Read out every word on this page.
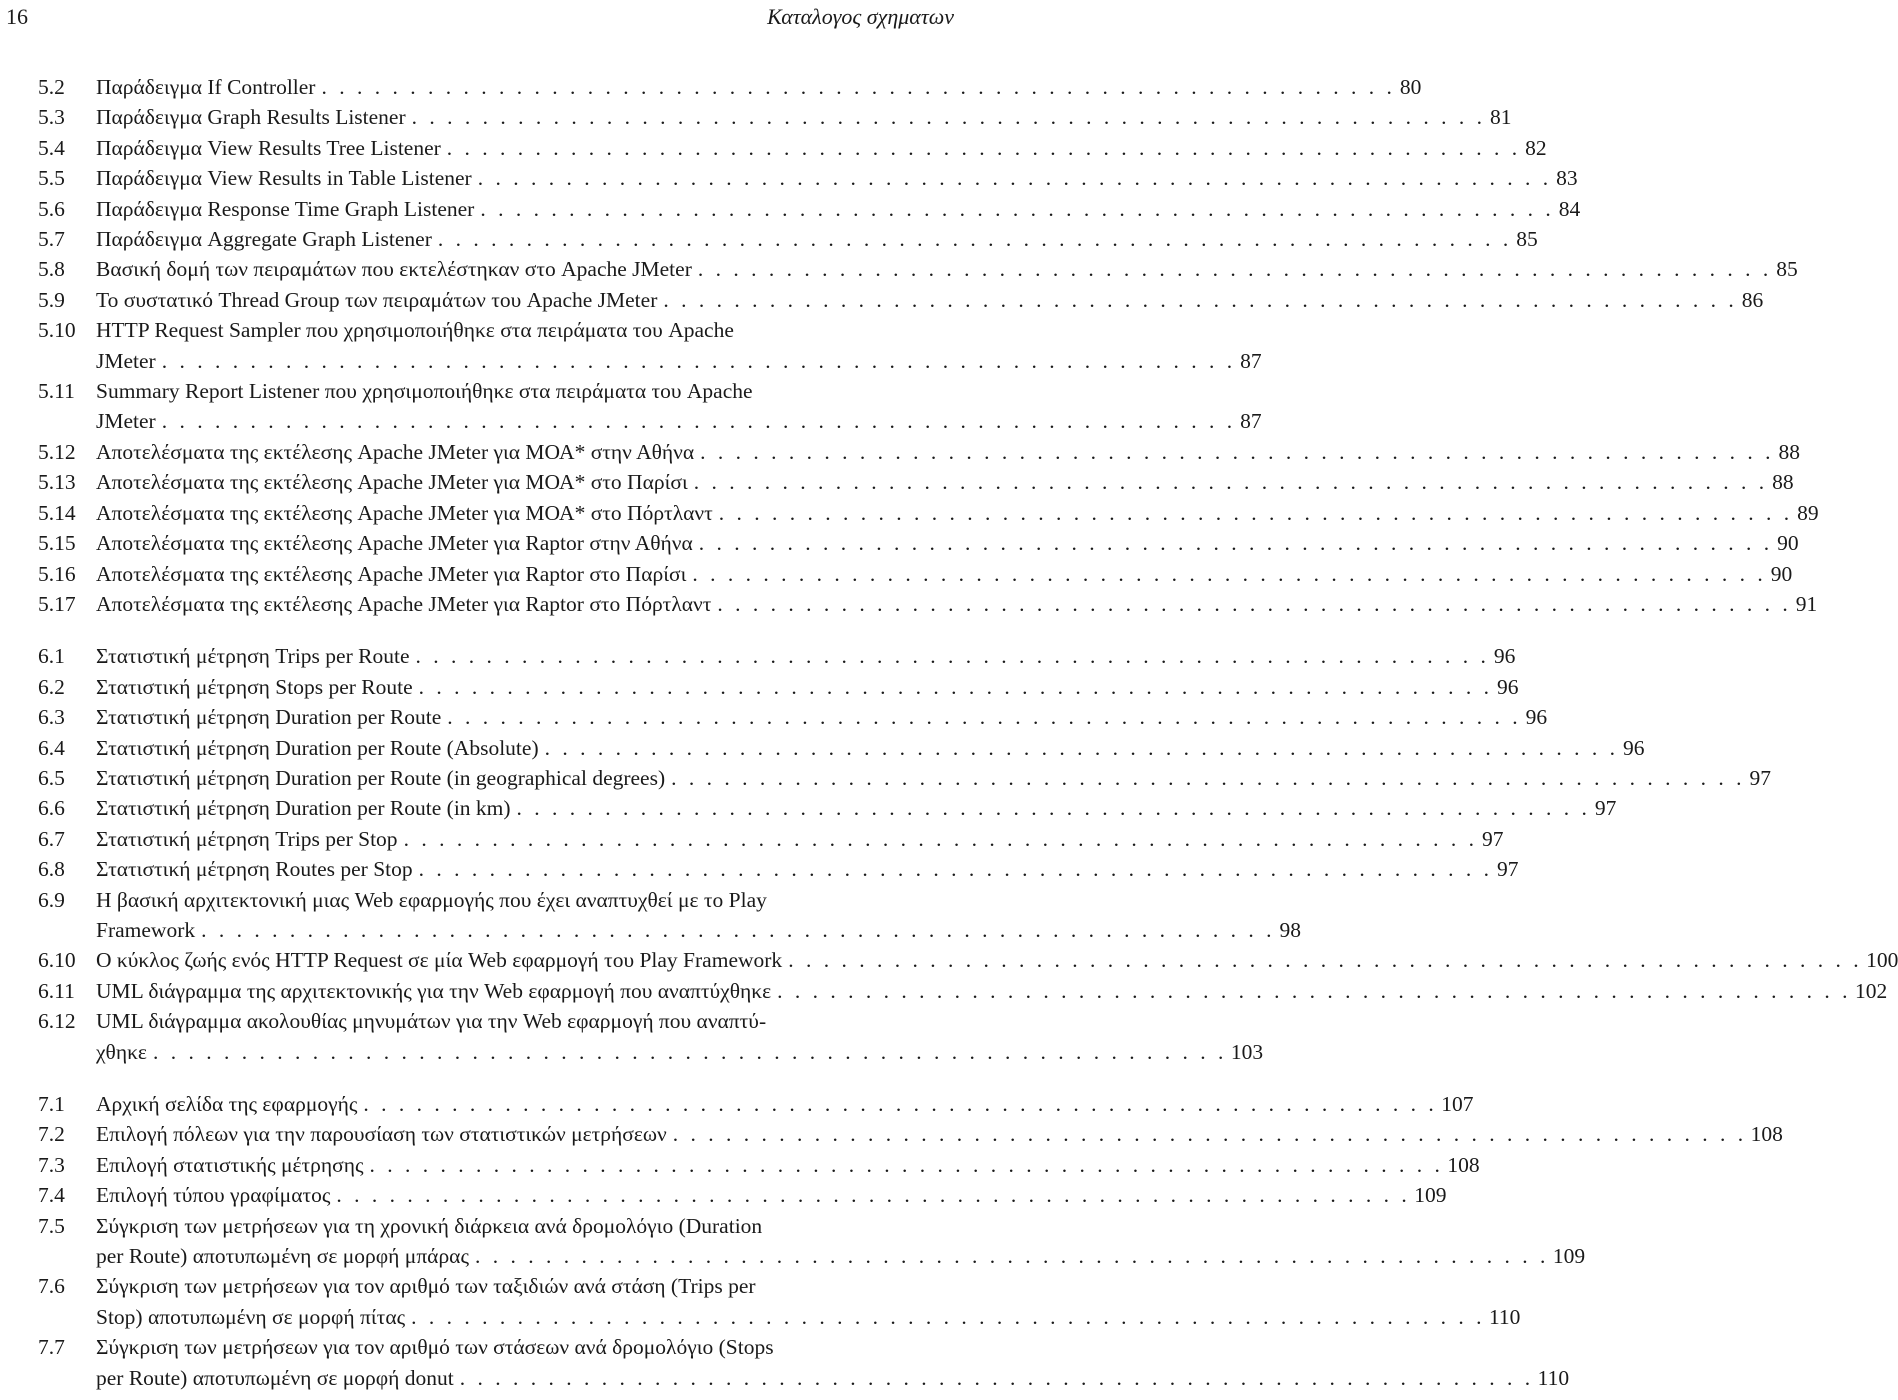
16	Καταλογος σχηματων
5.2 Παράδειγμα If Controller . . . . . . . . . . . . . . . . . . . . . . . . . . . . . . . . . . . . . . . . . . . . . . . . . . . . . . . . . . . . . 80
5.3 Παράδειγμα Graph Results Listener . . . . . . . . . . . . . . . . . . . . . . . . . . . . . . . . . . . . . . . . . . . . . . . . . . . . . . . . . . . . . 81
5.4 Παράδειγμα View Results Tree Listener . . . . . . . . . . . . . . . . . . . . . . . . . . . . . . . . . . . . . . . . . . . . . . . . . . . . . . . . . . . . . 82
5.5 Παράδειγμα View Results in Table Listener . . . . . . . . . . . . . . . . . . . . . . . . . . . . . . . . . . . . . . . . . . . . . . . . . . . . . . . . . . . . . 83
5.6 Παράδειγμα Response Time Graph Listener . . . . . . . . . . . . . . . . . . . . . . . . . . . . . . . . . . . . . . . . . . . . . . . . . . . . . . . . . . . . . 84
5.7 Παράδειγμα Aggregate Graph Listener . . . . . . . . . . . . . . . . . . . . . . . . . . . . . . . . . . . . . . . . . . . . . . . . . . . . . . . . . . . . . 85
5.8 Βασική δομή των πειραμάτων που εκτελέστηκαν στο Apache JMeter . . . . . . . . . . . . . . . . . . . . . . . . . . . . . . . . . . . . . . . . . . . . . . . . . . . . . . . . . . . . . 85
5.9 Το συστατικό Thread Group των πειραμάτων του Apache JMeter . . . . . . . . . . . . . . . . . . . . . . . . . . . . . . . . . . . . . . . . . . . . . . . . . . . . . . . . . . . . . 86
5.10 HTTP Request Sampler που χρησιμοποιήθηκε στα πειράματα του Apache
JMeter . . . . . . . . . . . . . . . . . . . . . . . . . . . . . . . . . . . . . . . . . . . . . . . . . . . . . . . . . . . . . 87
5.11 Summary Report Listener που χρησιμοποιήθηκε στα πειράματα του Apache
JMeter . . . . . . . . . . . . . . . . . . . . . . . . . . . . . . . . . . . . . . . . . . . . . . . . . . . . . . . . . . . . . 87
5.12 Αποτελέσματα της εκτέλεσης Apache JMeter για ΜΟΑ* στην Αθήνα . . . . . . . . . . . . . . . . . . . . . . . . . . . . . . . . . . . . . . . . . . . . . . . . . . . . . . . . . . . . . 88
5.13 Αποτελέσματα της εκτέλεσης Apache JMeter για ΜΟΑ* στο Παρίσι . . . . . . . . . . . . . . . . . . . . . . . . . . . . . . . . . . . . . . . . . . . . . . . . . . . . . . . . . . . . . 88
5.14 Αποτελέσματα της εκτέλεσης Apache JMeter για ΜΟΑ* στο Πόρτλαντ . . . . . . . . . . . . . . . . . . . . . . . . . . . . . . . . . . . . . . . . . . . . . . . . . . . . . . . . . . . . . 89
5.15 Αποτελέσματα της εκτέλεσης Apache JMeter για Raptor στην Αθήνα . . . . . . . . . . . . . . . . . . . . . . . . . . . . . . . . . . . . . . . . . . . . . . . . . . . . . . . . . . . . . 90
5.16 Αποτελέσματα της εκτέλεσης Apache JMeter για Raptor στο Παρίσι . . . . . . . . . . . . . . . . . . . . . . . . . . . . . . . . . . . . . . . . . . . . . . . . . . . . . . . . . . . . . 90
5.17 Αποτελέσματα της εκτέλεσης Apache JMeter για Raptor στο Πόρτλαντ . . . . . . . . . . . . . . . . . . . . . . . . . . . . . . . . . . . . . . . . . . . . . . . . . . . . . . . . . . . . . 91
6.1 Στατιστική μέτρηση Trips per Route . . . . . . . . . . . . . . . . . . . . . . . . . . . . . . . . . . . . . . . . . . . . . . . . . . . . . . . . . . . . . 96
6.2 Στατιστική μέτρηση Stops per Route . . . . . . . . . . . . . . . . . . . . . . . . . . . . . . . . . . . . . . . . . . . . . . . . . . . . . . . . . . . . . 96
6.3 Στατιστική μέτρηση Duration per Route . . . . . . . . . . . . . . . . . . . . . . . . . . . . . . . . . . . . . . . . . . . . . . . . . . . . . . . . . . . . . 96
6.4 Στατιστική μέτρηση Duration per Route (Absolute) . . . . . . . . . . . . . . . . . . . . . . . . . . . . . . . . . . . . . . . . . . . . . . . . . . . . . . . . . . . . . 96
6.5 Στατιστική μέτρηση Duration per Route (in geographical degrees) . . . . . . . . . . . . . . . . . . . . . . . . . . . . . . . . . . . . . . . . . . . . . . . . . . . . . . . . . . . . . 97
6.6 Στατιστική μέτρηση Duration per Route (in km) . . . . . . . . . . . . . . . . . . . . . . . . . . . . . . . . . . . . . . . . . . . . . . . . . . . . . . . . . . . . . 97
6.7 Στατιστική μέτρηση Trips per Stop . . . . . . . . . . . . . . . . . . . . . . . . . . . . . . . . . . . . . . . . . . . . . . . . . . . . . . . . . . . . . 97
6.8 Στατιστική μέτρηση Routes per Stop . . . . . . . . . . . . . . . . . . . . . . . . . . . . . . . . . . . . . . . . . . . . . . . . . . . . . . . . . . . . . 97
6.9 Η βασική αρχιτεκτονική μιας Web εφαρμογής που έχει αναπτυχθεί με το Play
Framework . . . . . . . . . . . . . . . . . . . . . . . . . . . . . . . . . . . . . . . . . . . . . . . . . . . . . . . . . . . . . 98
6.10 Ο κύκλος ζωής ενός HTTP Request σε μία Web εφαρμογή του Play Framework . . . . . . . . . . . . . . . . . . . . . . . . . . . . . . . . . . . . . . . . . . . . . . . . . . . . . . . . . . . . . 100
6.11 UML διάγραμμα της αρχιτεκτονικής για την Web εφαρμογή που αναπτύχθηκε . . . . . . . . . . . . . . . . . . . . . . . . . . . . . . . . . . . . . . . . . . . . . . . . . . . . . . . . . . . . . 102
6.12 UML διάγραμμα ακολουθίας μηνυμάτων για την Web εφαρμογή που αναπτύ-
χθηκε . . . . . . . . . . . . . . . . . . . . . . . . . . . . . . . . . . . . . . . . . . . . . . . . . . . . . . . . . . . . . 103
7.1 Αρχική σελίδα της εφαρμογής . . . . . . . . . . . . . . . . . . . . . . . . . . . . . . . . . . . . . . . . . . . . . . . . . . . . . . . . . . . . . 107
7.2 Επιλογή πόλεων για την παρουσίαση των στατιστικών μετρήσεων . . . . . . . . . . . . . . . . . . . . . . . . . . . . . . . . . . . . . . . . . . . . . . . . . . . . . . . . . . . . . 108
7.3 Επιλογή στατιστικής μέτρησης . . . . . . . . . . . . . . . . . . . . . . . . . . . . . . . . . . . . . . . . . . . . . . . . . . . . . . . . . . . . . 108
7.4 Επιλογή τύπου γραφίματος . . . . . . . . . . . . . . . . . . . . . . . . . . . . . . . . . . . . . . . . . . . . . . . . . . . . . . . . . . . . . 109
7.5 Σύγκριση των μετρήσεων για τη χρονική διάρκεια ανά δρομολόγιο (Duration
per Route) αποτυπωμένη σε μορφή μπάρας . . . . . . . . . . . . . . . . . . . . . . . . . . . . . . . . . . . . . . . . . . . . . . . . . . . . . . . . . . . . . 109
7.6 Σύγκριση των μετρήσεων για τον αριθμό των ταξιδιών ανά στάση (Trips per
Stop) αποτυπωμένη σε μορφή πίτας . . . . . . . . . . . . . . . . . . . . . . . . . . . . . . . . . . . . . . . . . . . . . . . . . . . . . . . . . . . . . 110
7.7 Σύγκριση των μετρήσεων για τον αριθμό των στάσεων ανά δρομολόγιο (Stops
per Route) αποτυπωμένη σε μορφή donut . . . . . . . . . . . . . . . . . . . . . . . . . . . . . . . . . . . . . . . . . . . . . . . . . . . . . . . . . . . . . 110
